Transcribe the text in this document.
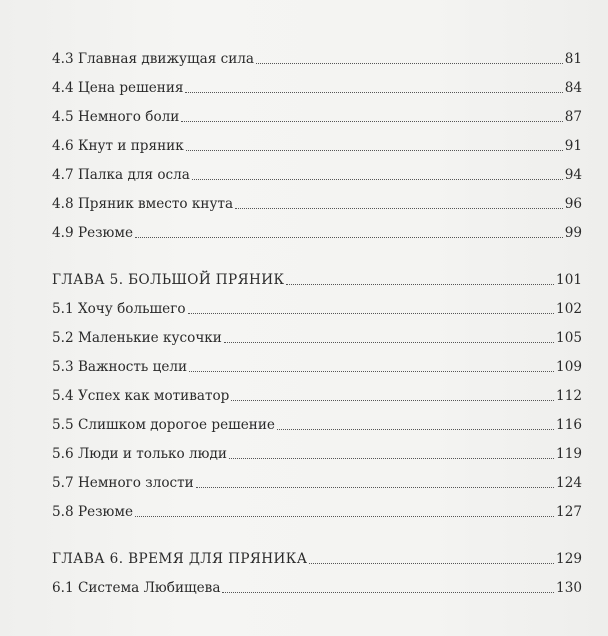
4.3 Главная движущая сила	81
4.4 Цена решения	84
4.5 Немного боли	87
4.6 Кнут и пряник	91
4.7 Палка для осла	94
4.8 Пряник вместо кнута	96
4.9 Резюме	99
ГЛАВА 5. БОЛЬШОЙ ПРЯНИК	101
5.1 Хочу большего	102
5.2 Маленькие кусочки	105
5.3 Важность цели	109
5.4 Успех как мотиватор	112
5.5 Слишком дорогое решение	116
5.6 Люди и только люди	119
5.7 Немного злости	124
5.8 Резюме	127
ГЛАВА 6. ВРЕМЯ ДЛЯ ПРЯНИКА	129
6.1 Система Любищева	130
